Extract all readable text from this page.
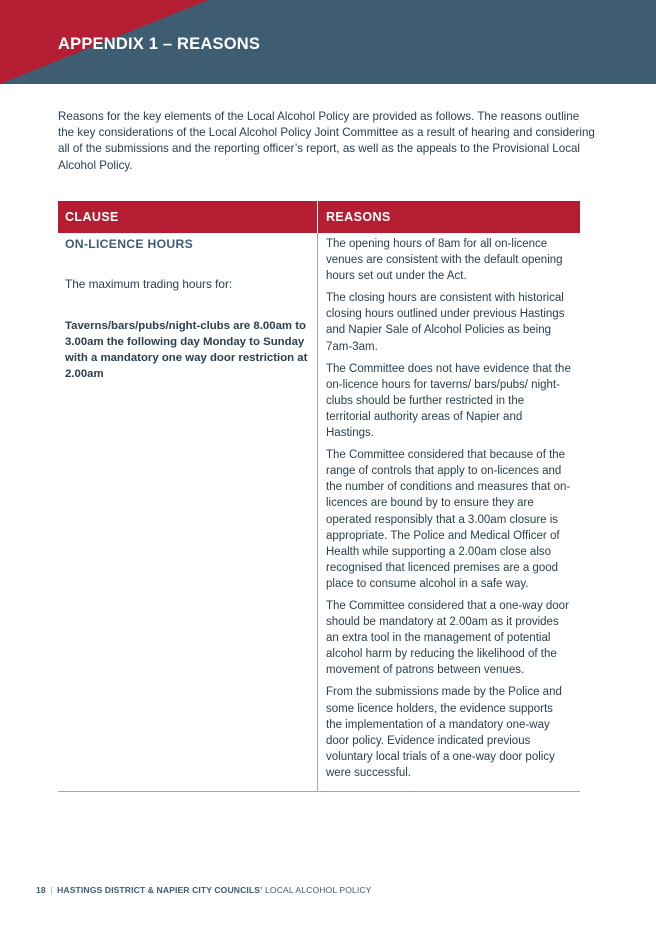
APPENDIX 1 – REASONS
Reasons for the key elements of the Local Alcohol Policy are provided as follows. The reasons outline the key considerations of the Local Alcohol Policy Joint Committee as a result of hearing and considering all of the submissions and the reporting officer’s report, as well as the appeals to the Provisional Local Alcohol Policy.
CLAUSE	REASONS
ON-LICENCE HOURS
The maximum trading hours for:
Taverns/bars/pubs/night-clubs are 8.00am to 3.00am the following day Monday to Sunday with a mandatory one way door restriction at 2.00am

The opening hours of 8am for all on-licence venues are consistent with the default opening hours set out under the Act.

The closing hours are consistent with historical closing hours outlined under previous Hastings and Napier Sale of Alcohol Policies as being 7am-3am.

The Committee does not have evidence that the on-licence hours for taverns/ bars/pubs/ night-clubs should be further restricted in the territorial authority areas of Napier and Hastings.

The Committee considered that because of the range of controls that apply to on-licences and the number of conditions and measures that on-licences are bound by to ensure they are operated responsibly that a 3.00am closure is appropriate. The Police and Medical Officer of Health while supporting a 2.00am close also recognised that licenced premises are a good place to consume alcohol in a safe way.

The Committee considered that a one-way door should be mandatory at 2.00am as it provides an extra tool in the management of potential alcohol harm by reducing the likelihood of the movement of patrons between venues.

From the submissions made by the Police and some licence holders, the evidence supports the implementation of a mandatory one-way door policy. Evidence indicated previous voluntary local trials of a one-way door policy were successful.

18 | HASTINGS DISTRICT & NAPIER CITY COUNCILS’ LOCAL ALCOHOL POLICY
